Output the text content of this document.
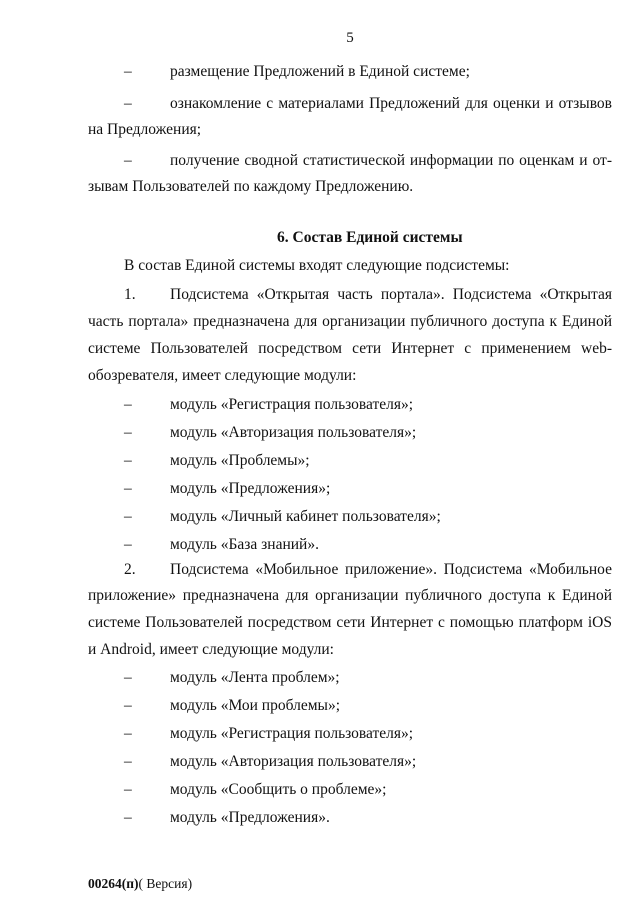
5
– размещение Предложений в Единой системе;
– ознакомление с материалами Предложений для оценки и отзывов
на Предложения;
– получение сводной статистической информации по оценкам и от-
зывам Пользователей по каждому Предложению.
6. Состав Единой системы
В состав Единой системы входят следующие подсистемы:
1. Подсистема «Открытая часть портала». Подсистема «Открытая
часть портала» предназначена для организации публичного доступа к Единой
системе Пользователей посредством сети Интернет с применением web-
обозревателя, имеет следующие модули:
– модуль «Регистрация пользователя»;
– модуль «Авторизация пользователя»;
– модуль «Проблемы»;
– модуль «Предложения»;
– модуль «Личный кабинет пользователя»;
– модуль «База знаний».
2. Подсистема «Мобильное приложение». Подсистема «Мобильное
приложение» предназначена для организации публичного доступа к Единой
системе Пользователей посредством сети Интернет с помощью платформ iOS
и Android, имеет следующие модули:
– модуль «Лента проблем»;
– модуль «Мои проблемы»;
– модуль «Регистрация пользователя»;
– модуль «Авторизация пользователя»;
– модуль «Сообщить о проблеме»;
– модуль «Предложения».
00264(п)( Версия)
